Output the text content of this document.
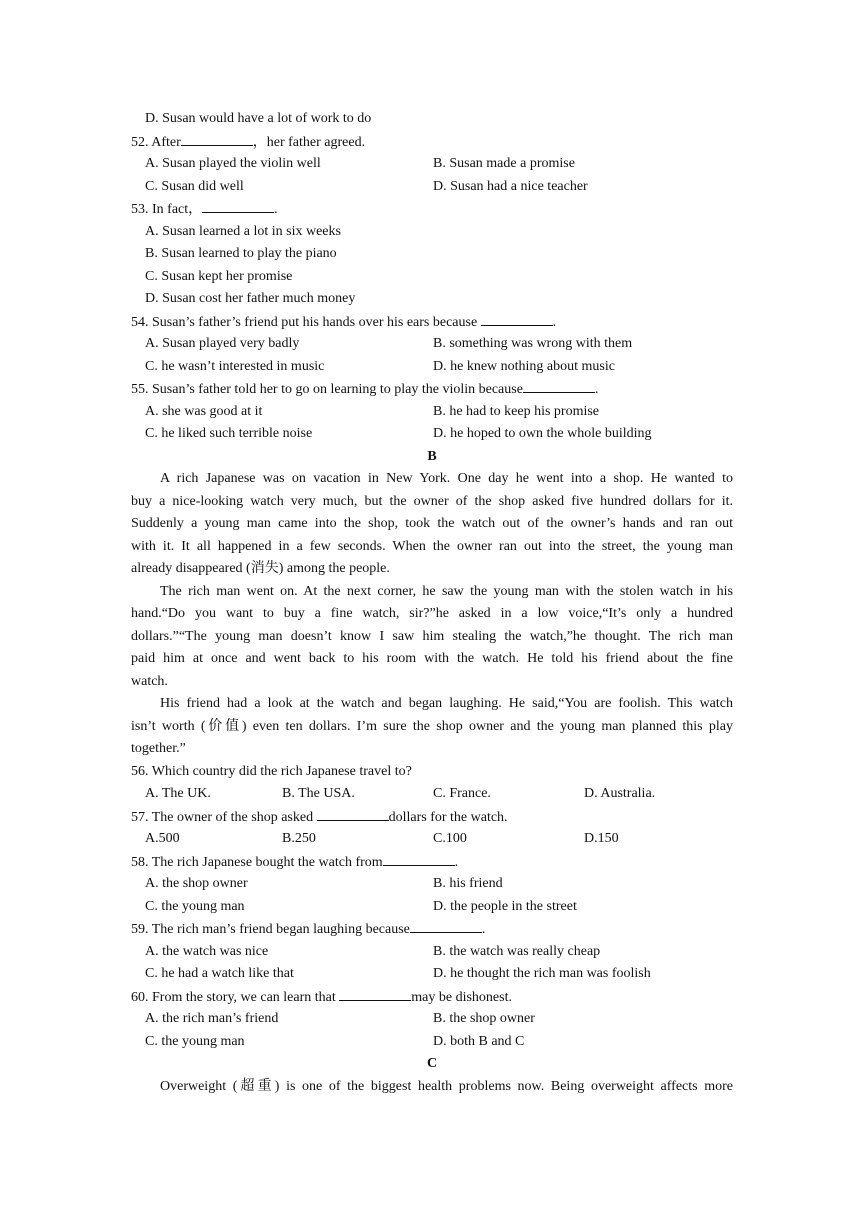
D. Susan would have a lot of work to do
52. After	，her father agreed.
A. Susan played the violin well	B. Susan made a promise
C. Susan did well	D. Susan had a nice teacher
53. In fact，	.
A. Susan learned a lot in six weeks
B. Susan learned to play the piano
C. Susan kept her promise
D. Susan cost her father much money
54. Susan’s father’s friend put his hands over his ears because	.
A. Susan played very badly	B. something was wrong with them
C. he wasn’t interested in music	D. he knew nothing about music
55. Susan’s father told her to go on learning to play the violin because	.
A. she was good at it	B. he had to keep his promise
C. he liked such terrible noise	D. he hoped to own the whole building
B
A rich Japanese was on vacation in New York. One day he went into a shop. He wanted to
buy a nice-looking watch very much, but the owner of the shop asked five hundred dollars for it.
Suddenly a young man came into the shop, took the watch out of the owner’s hands and ran out
with it. It all happened in a few seconds. When the owner ran out into the street, the young man
already disappeared (消失) among the people.
The rich man went on. At the next corner, he saw the young man with the stolen watch in his
hand.“Do you want to buy a fine watch, sir?”he asked in a low voice,“It’s only a hundred
dollars.”“The young man doesn’t know I saw him stealing the watch,”he thought. The rich man
paid him at once and went back to his room with the watch. He told his friend about the fine
watch.
His friend had a look at the watch and began laughing. He said,“You are foolish. This watch
isn’t worth (价值) even ten dollars. I’m sure the shop owner and the young man planned this play
together.”
56. Which country did the rich Japanese travel to?
A. The UK.	B. The USA.	C. France.	D. Australia.
57. The owner of the shop asked	dollars for the watch.
A.500	B.250	C.100	D.150
58. The rich Japanese bought the watch from	.
A. the shop owner	B. his friend
C. the young man	D. the people in the street
59. The rich man’s friend began laughing because	.
A. the watch was nice	B. the watch was really cheap
C. he had a watch like that	D. he thought the rich man was foolish
60. From the story, we can learn that	may be dishonest.
A. the rich man’s friend	B. the shop owner
C. the young man	D. both B and C
C
Overweight (超重) is one of the biggest health problems now. Being overweight affects more
